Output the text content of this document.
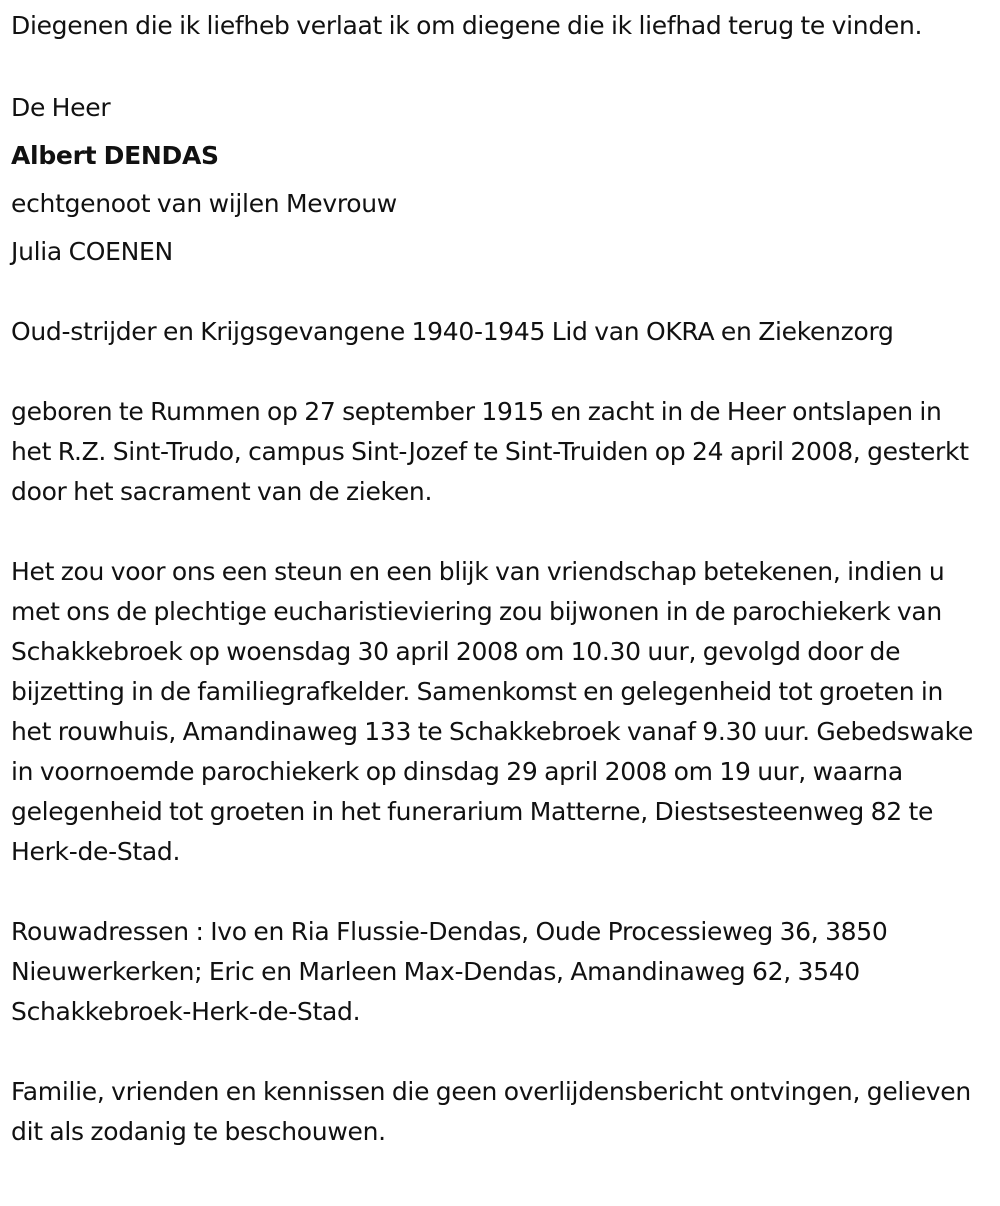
Diegenen die ik liefheb verlaat ik om diegene die ik liefhad terug te vinden.

De Heer

Albert DENDAS

echtgenoot van wijlen Mevrouw

Julia COENEN

Oud-strijder en Krijgsgevangene 1940-1945 Lid van OKRA en Ziekenzorg

geboren te Rummen op 27 september 1915 en zacht in de Heer ontslapen in het R.Z. Sint-Trudo, campus Sint-Jozef te Sint-Truiden op 24 april 2008, gesterkt door het sacrament van de zieken.

Het zou voor ons een steun en een blijk van vriendschap betekenen, indien u met ons de plechtige eucharistieviering zou bijwonen in de parochiekerk van Schakkebroek op woensdag 30 april 2008 om 10.30 uur, gevolgd door de bijzetting in de familiegrafkelder. Samenkomst en gelegenheid tot groeten in het rouwhuis, Amandinaweg 133 te Schakkebroek vanaf 9.30 uur. Gebedswake in voornoemde parochiekerk op dinsdag 29 april 2008 om 19 uur, waarna gelegenheid tot groeten in het funerarium Matterne, Diestsesteenweg 82 te Herk-de-Stad.

Rouwadressen : Ivo en Ria Flussie-Dendas, Oude Processieweg 36, 3850 Nieuwerkerken; Eric en Marleen Max-Dendas, Amandinaweg 62, 3540 Schakkebroek-Herk-de-Stad.

Familie, vrienden en kennissen die geen overlijdensbericht ontvingen, gelieven dit als zodanig te beschouwen.
